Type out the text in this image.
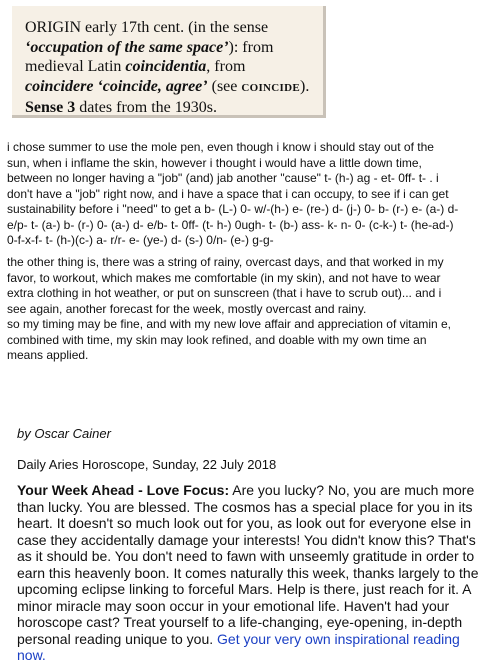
ORIGIN early 17th cent. (in the sense ‘occupation of the same space’): from medieval Latin coincidentia, from coincidere ‘coincide, agree’ (see COINCIDE). Sense 3 dates from the 1930s.

i chose summer to use the mole pen, even though i know i should stay out of the
sun, when i inflame the skin, however i thought i would have a little down time,
between no longer having a "job" (and) jab another "cause" t- (h-) ag - et- 0ff- t- . i
don't have a "job" right now, and i have a space that i can occupy, to see if i can get
sustainability before i "need" to get a b- (L-) 0- w/-(h-) e- (re-) d- (j-) 0- b- (r-) e- (a-) d-
e/p- t- (a-) b- (r-) 0- (a-) d- e/b- t- 0ff- (t- h-) 0ugh- t- (b-) ass- k- n- 0- (c-k-) t- (he-ad-)
0-f-x-f- t- (h-)(c-) a- r/r- e- (ye-) d- (s-) 0/n- (e-) g-g-

the other thing is, there was a string of rainy, overcast days, and that worked in my
favor, to workout, which makes me comfortable (in my skin), and not have to wear
extra clothing in hot weather, or put on sunscreen (that i have to scrub out)... and i
see again, another forecast for the week, mostly overcast and rainy.

so my timing may be fine, and with my new love affair and appreciation of vitamin e,
combined with time, my skin may look refined, and doable with my own time an
means applied.

by Oscar Cainer
Daily Aries Horoscope, Sunday, 22 July 2018

Your Week Ahead - Love Focus: Are you lucky? No, you are much more
than lucky. You are blessed. The cosmos has a special place for you in its
heart. It doesn't so much look out for you, as look out for everyone else in
case they accidentally damage your interests! You didn't know this? That's
as it should be. You don't need to fawn with unseemly gratitude in order to
earn this heavenly boon. It comes naturally this week, thanks largely to the
upcoming eclipse linking to forceful Mars. Help is there, just reach for it. A
minor miracle may soon occur in your emotional life. Haven't had your
horoscope cast? Treat yourself to a life-changing, eye-opening, in-depth
personal reading unique to you. Get your very own inspirational reading
now.
